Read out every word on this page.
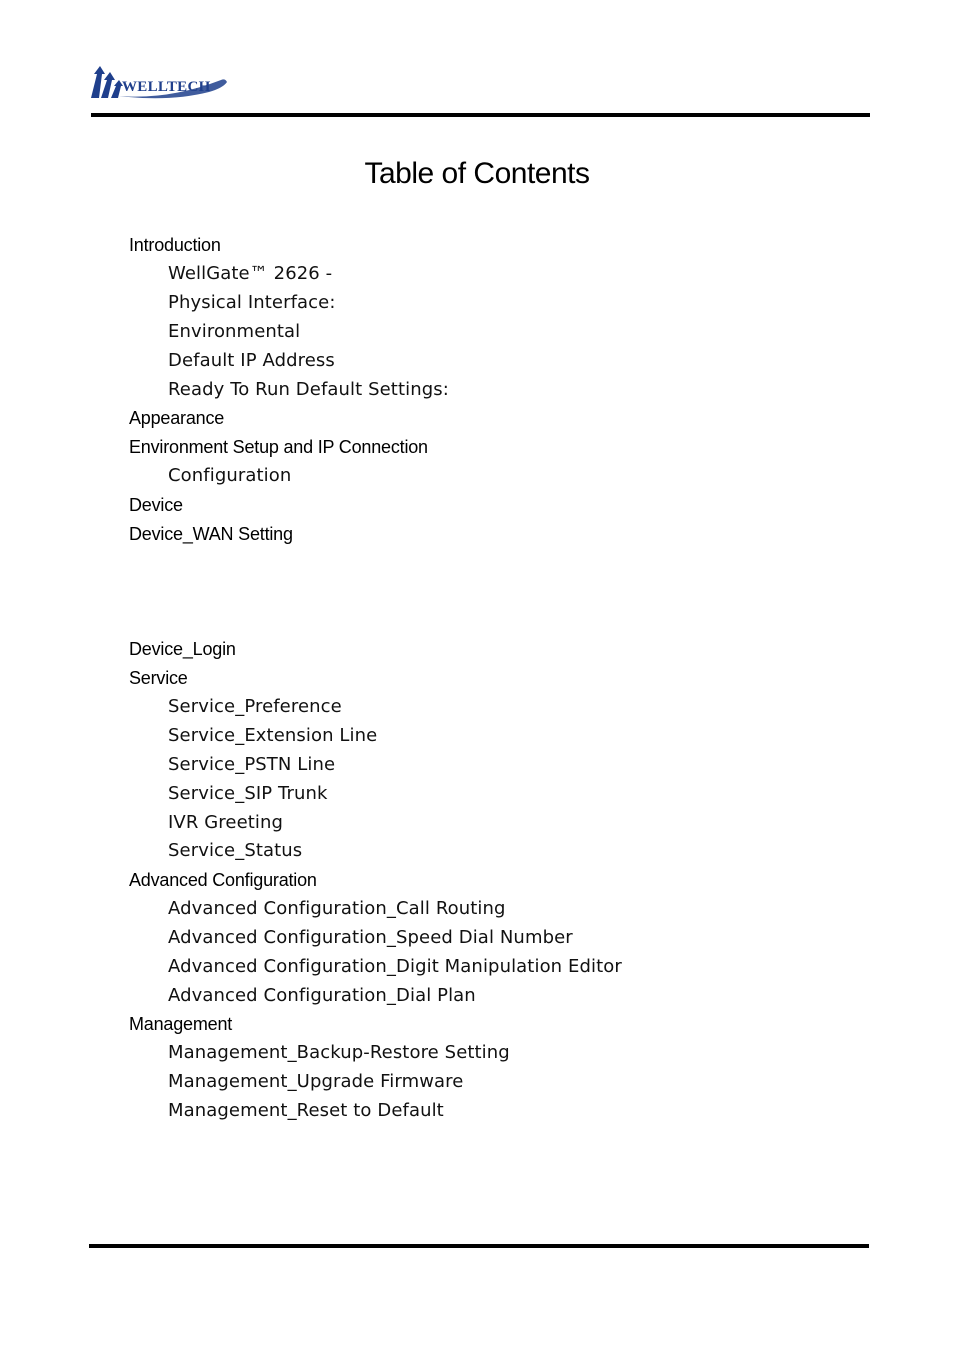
WELLTECH
Table of Contents
Introduction
WellGate™ 2626 -
Physical Interface:
Environmental
Default IP Address
Ready To Run Default Settings:
Appearance
Environment Setup and IP Connection
Configuration
Device
Device_WAN Setting
Device_Login
Service
Service_Preference
Service_Extension Line
Service_PSTN Line
Service_SIP Trunk
IVR Greeting
Service_Status
Advanced Configuration
Advanced Configuration_Call Routing
Advanced Configuration_Speed Dial Number
Advanced Configuration_Digit Manipulation Editor
Advanced Configuration_Dial Plan
Management
Management_Backup-Restore Setting
Management_Upgrade Firmware
Management_Reset to Default
